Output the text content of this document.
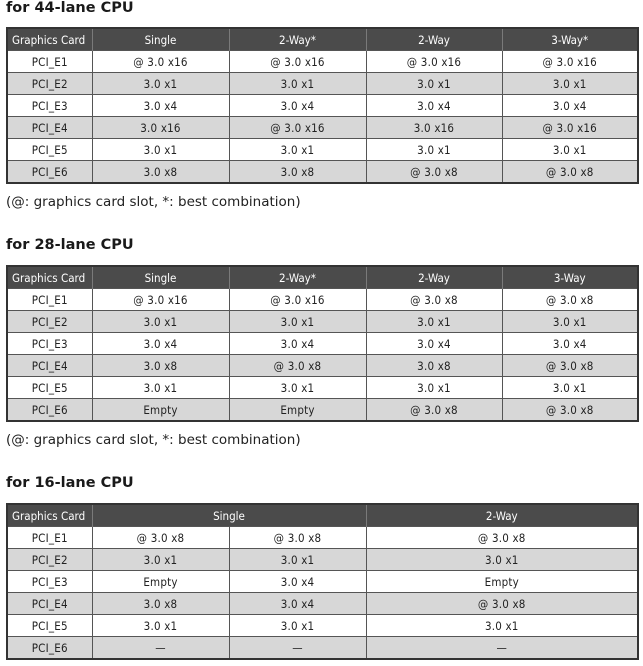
for 44-lane CPU
Graphics Card	Single	2-Way*	2-Way	3-Way*
PCI_E1	@ 3.0 x16	@ 3.0 x16	@ 3.0 x16	@ 3.0 x16
PCI_E2	3.0 x1	3.0 x1	3.0 x1	3.0 x1
PCI_E3	3.0 x4	3.0 x4	3.0 x4	3.0 x4
PCI_E4	3.0 x16	@ 3.0 x16	3.0 x16	@ 3.0 x16
PCI_E5	3.0 x1	3.0 x1	3.0 x1	3.0 x1
PCI_E6	3.0 x8	3.0 x8	@ 3.0 x8	@ 3.0 x8
(@: graphics card slot, *: best combination)
for 28-lane CPU
Graphics Card	Single	2-Way*	2-Way	3-Way
PCI_E1	@ 3.0 x16	@ 3.0 x16	@ 3.0 x8	@ 3.0 x8
PCI_E2	3.0 x1	3.0 x1	3.0 x1	3.0 x1
PCI_E3	3.0 x4	3.0 x4	3.0 x4	3.0 x4
PCI_E4	3.0 x8	@ 3.0 x8	3.0 x8	@ 3.0 x8
PCI_E5	3.0 x1	3.0 x1	3.0 x1	3.0 x1
PCI_E6	Empty	Empty	@ 3.0 x8	@ 3.0 x8
(@: graphics card slot, *: best combination)
for 16-lane CPU
Graphics Card	Single		2-Way
PCI_E1	@ 3.0 x8	@ 3.0 x8	@ 3.0 x8
PCI_E2	3.0 x1	3.0 x1	3.0 x1
PCI_E3	Empty	3.0 x4	Empty
PCI_E4	3.0 x8	3.0 x4	@ 3.0 x8
PCI_E5	3.0 x1	3.0 x1	3.0 x1
PCI_E6	—	—	—
